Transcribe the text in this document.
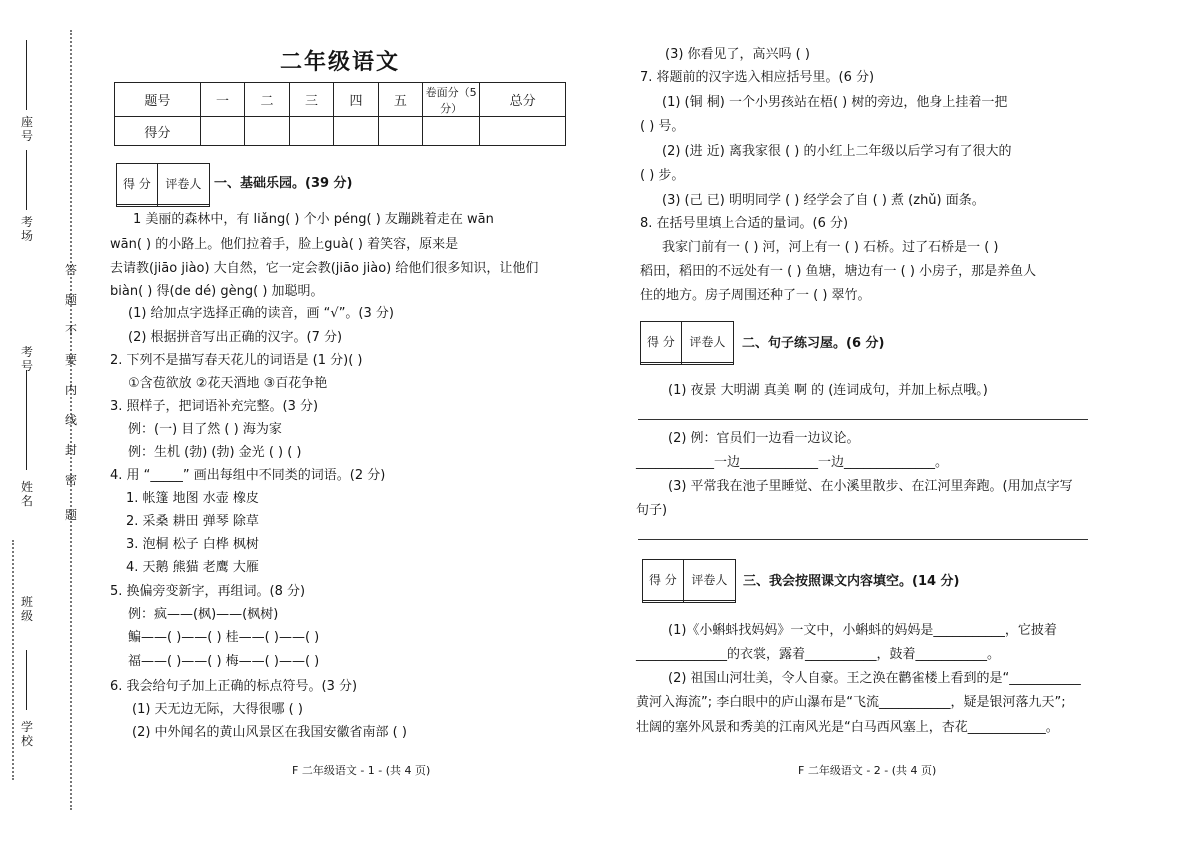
座号
考场
考号
姓名
班级
学校
答题不要内线封密
题
二年级语文
题号	一	二	三	四	五	卷面分（5分）	总分
得分							
得 分	评卷人
	一、基础乐园。(39 分)
1 美丽的森林中，有 liǎng( ) 个小 péng( ) 友蹦跳着走在 wān
wān( ) 的小路上。他们拉着手，脸上guà( ) 着笑容，原来是
去请教(jiāo jiào) 大自然，它一定会教(jiāo jiào) 给他们很多知识，让他们
biàn( ) 得(de dé) gèng( ) 加聪明。
(1) 给加点字选择正确的读音，画 “√”。(3 分)
(2) 根据拼音写出正确的汉字。(7 分)
2. 下列不是描写春天花儿的词语是 (1 分)( )
①含苞欲放 ②花天酒地 ③百花争艳
3. 照样子，把词语补充完整。(3 分)
例：(一) 目了然 ( ) 海为家
例：生机 (勃) (勃) 金光 ( ) ( )
4. 用 “_____” 画出每组中不同类的词语。(2 分)
1. 帐篷 地图 水壶 橡皮
2. 采桑 耕田 弹琴 除草
3. 泡桐 松子 白桦 枫树
4. 天鹅 熊猫 老鹰 大雁
5. 换偏旁变新字，再组词。(8 分)
例：疯——(枫)——(枫树)
鳊——( )——( ) 桂——( )——( )
福——( )——( ) 梅——( )——( )
6. 我会给句子加上正确的标点符号。(3 分)
(1) 天无边无际，大得很哪 ( )
(2) 中外闻名的黄山风景区在我国安徽省南部 ( )
F 二年级语文 - 1 - (共 4 页)
(3) 你看见了，高兴吗 ( )
7. 将题前的汉字选入相应括号里。(6 分)
(1) (铜 桐) 一个小男孩站在梧( ) 树的旁边，他身上挂着一把
( ) 号。
(2) (进 近) 离我家很 ( ) 的小红上二年级以后学习有了很大的
( ) 步。
(3) (己 已) 明明同学 ( ) 经学会了自 ( ) 煮 (zhǔ) 面条。
8. 在括号里填上合适的量词。(6 分)
我家门前有一 ( ) 河，河上有一 ( ) 石桥。过了石桥是一 ( )
稻田，稻田的不远处有一 ( ) 鱼塘，塘边有一 ( ) 小房子，那是养鱼人
住的地方。房子周围还种了一 ( ) 翠竹。
得 分	评卷人
	二、句子练习屋。(6 分)
(1) 夜景 大明湖 真美 啊 的 (连词成句，并加上标点哦。)
(2) 例：官员们一边看一边议论。
____________一边____________一边______________。
(3) 平常我在池子里睡觉、在小溪里散步、在江河里奔跑。(用加点字写
句子)
得 分	评卷人
	三、我会按照课文内容填空。(14 分)
(1)《小蝌蚪找妈妈》一文中，小蝌蚪的妈妈是___________，它披着
______________的衣裳，露着___________，鼓着___________。
(2) 祖国山河壮美，令人自豪。王之涣在鹳雀楼上看到的是“___________
黄河入海流”; 李白眼中的庐山瀑布是“飞流___________，疑是银河落九天”;
壮阔的塞外风景和秀美的江南风光是“白马西风塞上，杏花____________。
F 二年级语文 - 2 - (共 4 页)
